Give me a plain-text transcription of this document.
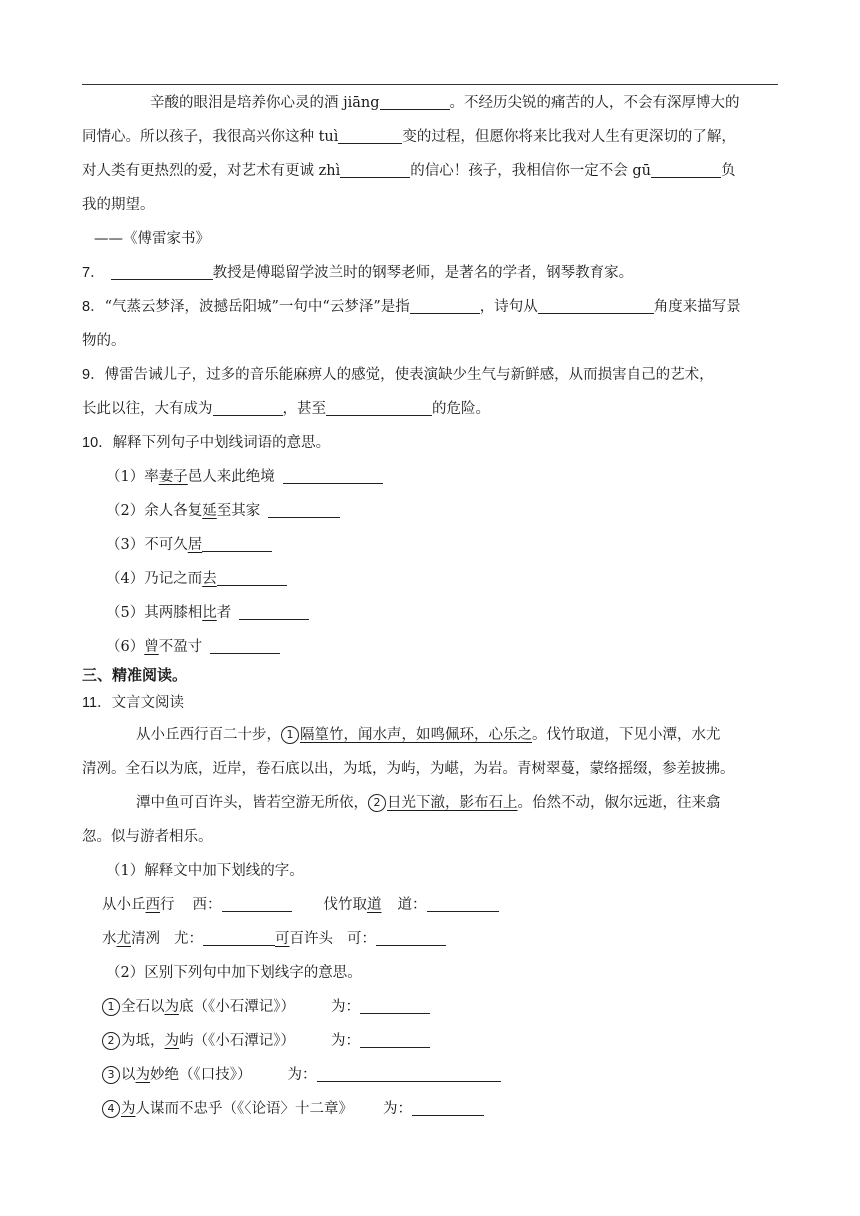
辛酸的眼泪是培养你心灵的酒 jiāng	。不经历尖锐的痛苦的人，不会有深厚博大的
同情心。所以孩子，我很高兴你这种 tuì	变的过程，但愿你将来比我对人生有更深切的了解，
对人类有更热烈的爱，对艺术有更诚 zhì	的信心！孩子，我相信你一定不会 gū	负
我的期望。
——《傅雷家书》
7．	教授是傅聪留学波兰时的钢琴老师，是著名的学者，钢琴教育家。
8．“气蒸云梦泽，波撼岳阳城”一句中“云梦泽”是指	，诗句从	角度来描写景
物的。
9．傅雷告诫儿子，过多的音乐能麻痹人的感觉，使表演缺少生气与新鲜感，从而损害自己的艺术，
长此以往，大有成为	，甚至	的危险。
10．解释下列句子中划线词语的意思。
（1）率妻子邑人来此绝境
（2）余人各复延至其家
（3）不可久居
（4）乃记之而去
（5）其两膝相比者
（6）曾不盈寸
三、精准阅读。
11．文言文阅读
从小丘西行百二十步， 1 隔篁竹，闻水声，如鸣佩环，心乐之。伐竹取道，下见小潭，水尤
清冽。全石以为底，近岸，卷石底以出，为坻，为屿，为嵁，为岩。青树翠蔓，蒙络摇缀，参差披拂。
潭中鱼可百许头，皆若空游无所依， 2 日光下澈，影布石上。佁然不动，俶尔远逝，往来翕
忽。似与游者相乐。
（1）解释文中加下划线的字。
从小丘西行 西：	伐竹取道 道：
水尤清冽 尤：	可百许头 可：
（2）区别下列句中加下划线字的意思。
1 全石以为底（《小石潭记》） 为：
2 为坻，为屿（《小石潭记》） 为：
3 以为妙绝（《口技》） 为：
4 为人谋而不忠乎（《〈论语〉十二章》 为：
